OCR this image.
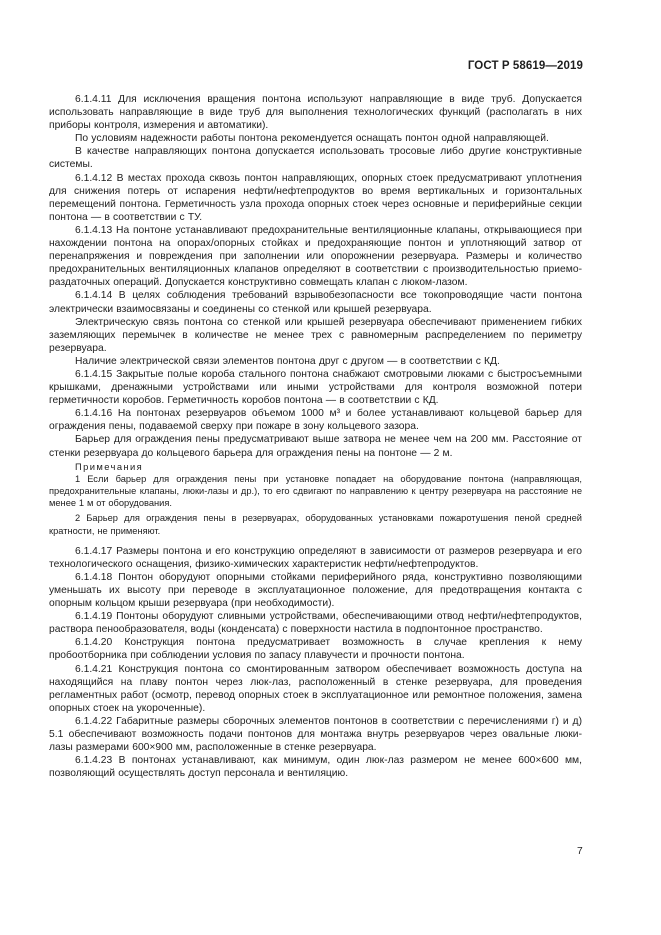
ГОСТ Р 58619—2019

6.1.4.11 Для исключения вращения понтона используют направляющие в виде труб. Допускается использовать направляющие в виде труб для выполнения технологических функций (располагать в них приборы контроля, измерения и автоматики).

По условиям надежности работы понтона рекомендуется оснащать понтон одной направляющей.

В качестве направляющих понтона допускается использовать тросовые либо другие конструктивные системы.

6.1.4.12 В местах прохода сквозь понтон направляющих, опорных стоек предусматривают уплотнения для снижения потерь от испарения нефти/нефтепродуктов во время вертикальных и горизонтальных перемещений понтона. Герметичность узла прохода опорных стоек через основные и периферийные секции понтона — в соответствии с ТУ.

6.1.4.13 На понтоне устанавливают предохранительные вентиляционные клапаны, открывающиеся при нахождении понтона на опорах/опорных стойках и предохраняющие понтон и уплотняющий затвор от перенапряжения и повреждения при заполнении или опорожнении резервуара. Размеры и количество предохранительных вентиляционных клапанов определяют в соответствии с производительностью приемо-раздаточных операций. Допускается конструктивно совмещать клапан с люком-лазом.

6.1.4.14 В целях соблюдения требований взрывобезопасности все токопроводящие части понтона электрически взаимосвязаны и соединены со стенкой или крышей резервуара.

Электрическую связь понтона со стенкой или крышей резервуара обеспечивают применением гибких заземляющих перемычек в количестве не менее трех с равномерным распределением по периметру резервуара.

Наличие электрической связи элементов понтона друг с другом — в соответствии с КД.

6.1.4.15 Закрытые полые короба стального понтона снабжают смотровыми люками с быстросъемными крышками, дренажными устройствами или иными устройствами для контроля возможной потери герметичности коробов. Герметичность коробов понтона — в соответствии с КД.

6.1.4.16 На понтонах резервуаров объемом 1000 м³ и более устанавливают кольцевой барьер для ограждения пены, подаваемой сверху при пожаре в зону кольцевого зазора.

Барьер для ограждения пены предусматривают выше затвора не менее чем на 200 мм. Расстояние от стенки резервуара до кольцевого барьера для ограждения пены на понтоне — 2 м.

Примечания

1 Если барьер для ограждения пены при установке попадает на оборудование понтона (направляющая, предохранительные клапаны, люки-лазы и др.), то его сдвигают по направлению к центру резервуара на расстояние не менее 1 м от оборудования.

2 Барьер для ограждения пены в резервуарах, оборудованных установками пожаротушения пеной средней кратности, не применяют.

6.1.4.17 Размеры понтона и его конструкцию определяют в зависимости от размеров резервуара и его технологического оснащения, физико-химических характеристик нефти/нефтепродуктов.

6.1.4.18 Понтон оборудуют опорными стойками периферийного ряда, конструктивно позволяющими уменьшать их высоту при переводе в эксплуатационное положение, для предотвращения контакта с опорным кольцом крыши резервуара (при необходимости).

6.1.4.19 Понтоны оборудуют сливными устройствами, обеспечивающими отвод нефти/нефтепродуктов, раствора пенообразователя, воды (конденсата) с поверхности настила в подпонтонное пространство.

6.1.4.20 Конструкция понтона предусматривает возможность в случае крепления к нему пробоотборника при соблюдении условия по запасу плавучести и прочности понтона.

6.1.4.21 Конструкция понтона со смонтированным затвором обеспечивает возможность доступа на находящийся на плаву понтон через люк-лаз, расположенный в стенке резервуара, для проведения регламентных работ (осмотр, перевод опорных стоек в эксплуатационное или ремонтное положения, замена опорных стоек на укороченные).

6.1.4.22 Габаритные размеры сборочных элементов понтонов в соответствии с перечислениями г) и д) 5.1 обеспечивают возможность подачи понтонов для монтажа внутрь резервуаров через овальные люки-лазы размерами 600×900 мм, расположенные в стенке резервуара.

6.1.4.23 В понтонах устанавливают, как минимум, один люк-лаз размером не менее 600×600 мм, позволяющий осуществлять доступ персонала и вентиляцию.

7
